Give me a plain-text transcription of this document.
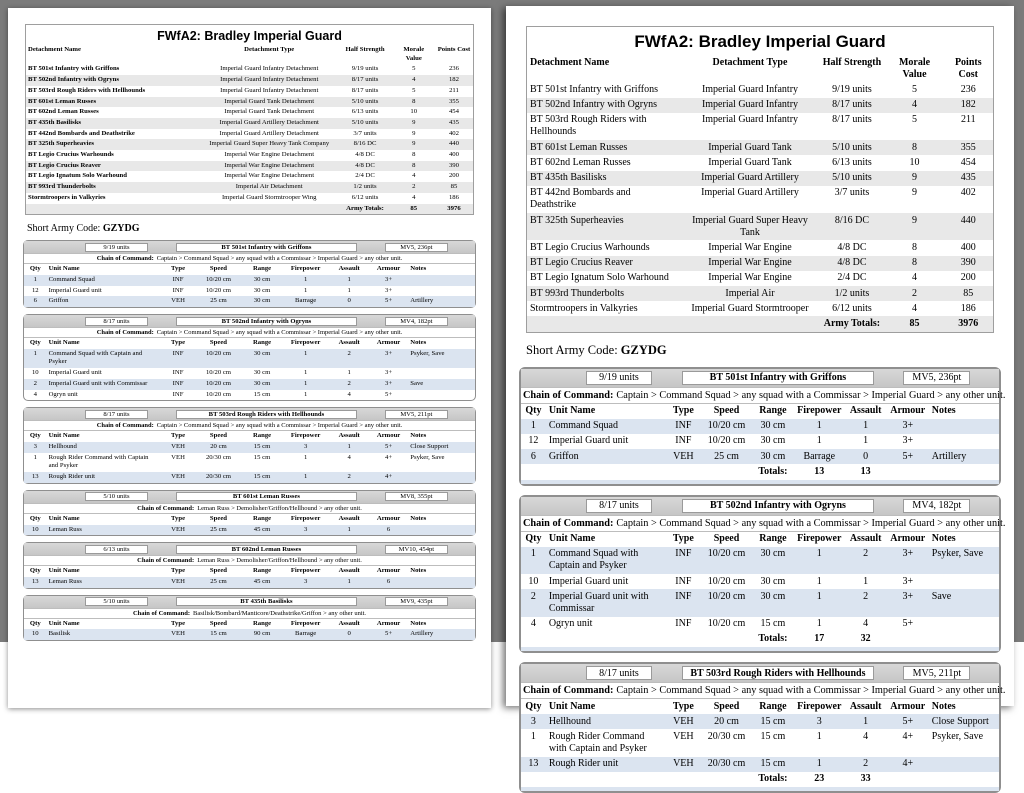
FWfA2: Bradley Imperial Guard
Detachment Name	Detachment Type	Half Strength	Morale Value	Points Cost
BT 501st Infantry with Griffons	Imperial Guard Infantry Detachment	9/19 units	5	236
BT 502nd Infantry with Ogryns	Imperial Guard Infantry Detachment	8/17 units	4	182
BT 503rd Rough Riders with Hellhounds	Imperial Guard Infantry Detachment	8/17 units	5	211
BT 601st Leman Russes	Imperial Guard Tank Detachment	5/10 units	8	355
BT 602nd Leman Russes	Imperial Guard Tank Detachment	6/13 units	10	454
BT 435th Basilisks	Imperial Guard Artillery Detachment	5/10 units	9	435
BT 442nd Bombards and Deathstrike	Imperial Guard Artillery Detachment	3/7 units	9	402
BT 325th Superheavies	Imperial Guard Super Heavy Tank Company	8/16 DC	9	440
BT Legio Crucius Warhounds	Imperial War Engine Detachment	4/8 DC	8	400
BT Legio Crucius Reaver	Imperial War Engine Detachment	4/8 DC	8	390
BT Legio Ignatum Solo Warhound	Imperial War Engine Detachment	2/4 DC	4	200
BT 993rd Thunderbolts	Imperial Air Detachment	1/2 units	2	85
Stormtroopers in Valkyries	Imperial Guard Stormtrooper Wing	6/12 units	4	186
		Army Totals:	85	3976
Short Army Code: GZYDG
9/19 units	BT 501st Infantry with Griffons	MV5, 236pt
Chain of Command: Captain > Command Squad > any squad with a Commissar > Imperial Guard > any other unit.
Qty	Unit Name	Type	Speed	Range	Firepower	Assault	Armour	Notes
1	Command Squad	INF	10/20 cm	30 cm	1	1	3+	
12	Imperial Guard unit	INF	10/20 cm	30 cm	1	1	3+	
6	Griffon	VEH	25 cm	30 cm	Barrage	0	5+	Artillery
8/17 units	BT 502nd Infantry with Ogryns	MV4, 182pt
Chain of Command: Captain > Command Squad > any squad with a Commissar > Imperial Guard > any other unit.
Qty	Unit Name	Type	Speed	Range	Firepower	Assault	Armour	Notes
1	Command Squad with Captain and Psyker	INF	10/20 cm	30 cm	1	2	3+	Psyker, Save
10	Imperial Guard unit	INF	10/20 cm	30 cm	1	1	3+	
2	Imperial Guard unit with Commissar	INF	10/20 cm	30 cm	1	2	3+	Save
4	Ogryn unit	INF	10/20 cm	15 cm	1	4	5+	
8/17 units	BT 503rd Rough Riders with Hellhounds	MV5, 211pt
Chain of Command: Captain > Command Squad > any squad with a Commissar > Imperial Guard > any other unit.
Qty	Unit Name	Type	Speed	Range	Firepower	Assault	Armour	Notes
3	Hellhound	VEH	20 cm	15 cm	3	1	5+	Close Support
1	Rough Rider Command with Captain and Psyker	VEH	20/30 cm	15 cm	1	4	4+	Psyker, Save
13	Rough Rider unit	VEH	20/30 cm	15 cm	1	2	4+	
5/10 units	BT 601st Leman Russes	MV8, 355pt
Chain of Command: Leman Russ > Demolisher/Griffon/Hellhound > any other unit.
Qty	Unit Name	Type	Speed	Range	Firepower	Assault	Armour	Notes
10	Leman Russ	VEH	25 cm	45 cm	3	1	6	
6/13 units	BT 602nd Leman Russes	MV10, 454pt
Chain of Command: Leman Russ > Demolisher/Griffon/Hellhound > any other unit.
Qty	Unit Name	Type	Speed	Range	Firepower	Assault	Armour	Notes
13	Leman Russ	VEH	25 cm	45 cm	3	1	6	
5/10 units	BT 435th Basilisks	MV9, 435pt
Chain of Command: Basilisk/Bombard/Manticore/Deathstrike/Griffon > any other unit.
Qty	Unit Name	Type	Speed	Range	Firepower	Assault	Armour	Notes
10	Basilisk	VEH	15 cm	90 cm	Barrage	0	5+	Artillery
FWfA2: Bradley Imperial Guard
Detachment Name	Detachment Type	Half Strength	Morale Value	Points Cost
BT 501st Infantry with Griffons	Imperial Guard Infantry	9/19 units	5	236
BT 502nd Infantry with Ogryns	Imperial Guard Infantry	8/17 units	4	182
BT 503rd Rough Riders with Hellhounds	Imperial Guard Infantry	8/17 units	5	211
BT 601st Leman Russes	Imperial Guard Tank	5/10 units	8	355
BT 602nd Leman Russes	Imperial Guard Tank	6/13 units	10	454
BT 435th Basilisks	Imperial Guard Artillery	5/10 units	9	435
BT 442nd Bombards and Deathstrike	Imperial Guard Artillery	3/7 units	9	402
BT 325th Superheavies	Imperial Guard Super Heavy Tank	8/16 DC	9	440
BT Legio Crucius Warhounds	Imperial War Engine	4/8 DC	8	400
BT Legio Crucius Reaver	Imperial War Engine	4/8 DC	8	390
BT Legio Ignatum Solo Warhound	Imperial War Engine	2/4 DC	4	200
BT 993rd Thunderbolts	Imperial Air	1/2 units	2	85
Stormtroopers in Valkyries	Imperial Guard Stormtrooper	6/12 units	4	186
		Army Totals:	85	3976
Short Army Code: GZYDG
9/19 units	BT 501st Infantry with Griffons	MV5, 236pt
Chain of Command: Captain > Command Squad > any squad with a Commissar > Imperial Guard > any other unit.
Qty	Unit Name	Type	Speed	Range	Firepower	Assault	Armour	Notes
1	Command Squad	INF	10/20 cm	30 cm	1	1	3+	
12	Imperial Guard unit	INF	10/20 cm	30 cm	1	1	3+	
6	Griffon	VEH	25 cm	30 cm	Barrage	0	5+	Artillery
				Totals:	13	13		
8/17 units	BT 502nd Infantry with Ogryns	MV4, 182pt
Chain of Command: Captain > Command Squad > any squad with a Commissar > Imperial Guard > any other unit.
Qty	Unit Name	Type	Speed	Range	Firepower	Assault	Armour	Notes
1	Command Squad with Captain and Psyker	INF	10/20 cm	30 cm	1	2	3+	Psyker, Save
10	Imperial Guard unit	INF	10/20 cm	30 cm	1	1	3+	
2	Imperial Guard unit with Commissar	INF	10/20 cm	30 cm	1	2	3+	Save
4	Ogryn unit	INF	10/20 cm	15 cm	1	4	5+	
				Totals:	17	32		
8/17 units	BT 503rd Rough Riders with Hellhounds	MV5, 211pt
Chain of Command: Captain > Command Squad > any squad with a Commissar > Imperial Guard > any other unit.
Qty	Unit Name	Type	Speed	Range	Firepower	Assault	Armour	Notes
3	Hellhound	VEH	20 cm	15 cm	3	1	5+	Close Support
1	Rough Rider Command with Captain and Psyker	VEH	20/30 cm	15 cm	1	4	4+	Psyker, Save
13	Rough Rider unit	VEH	20/30 cm	15 cm	1	2	4+	
				Totals:	23	33		
